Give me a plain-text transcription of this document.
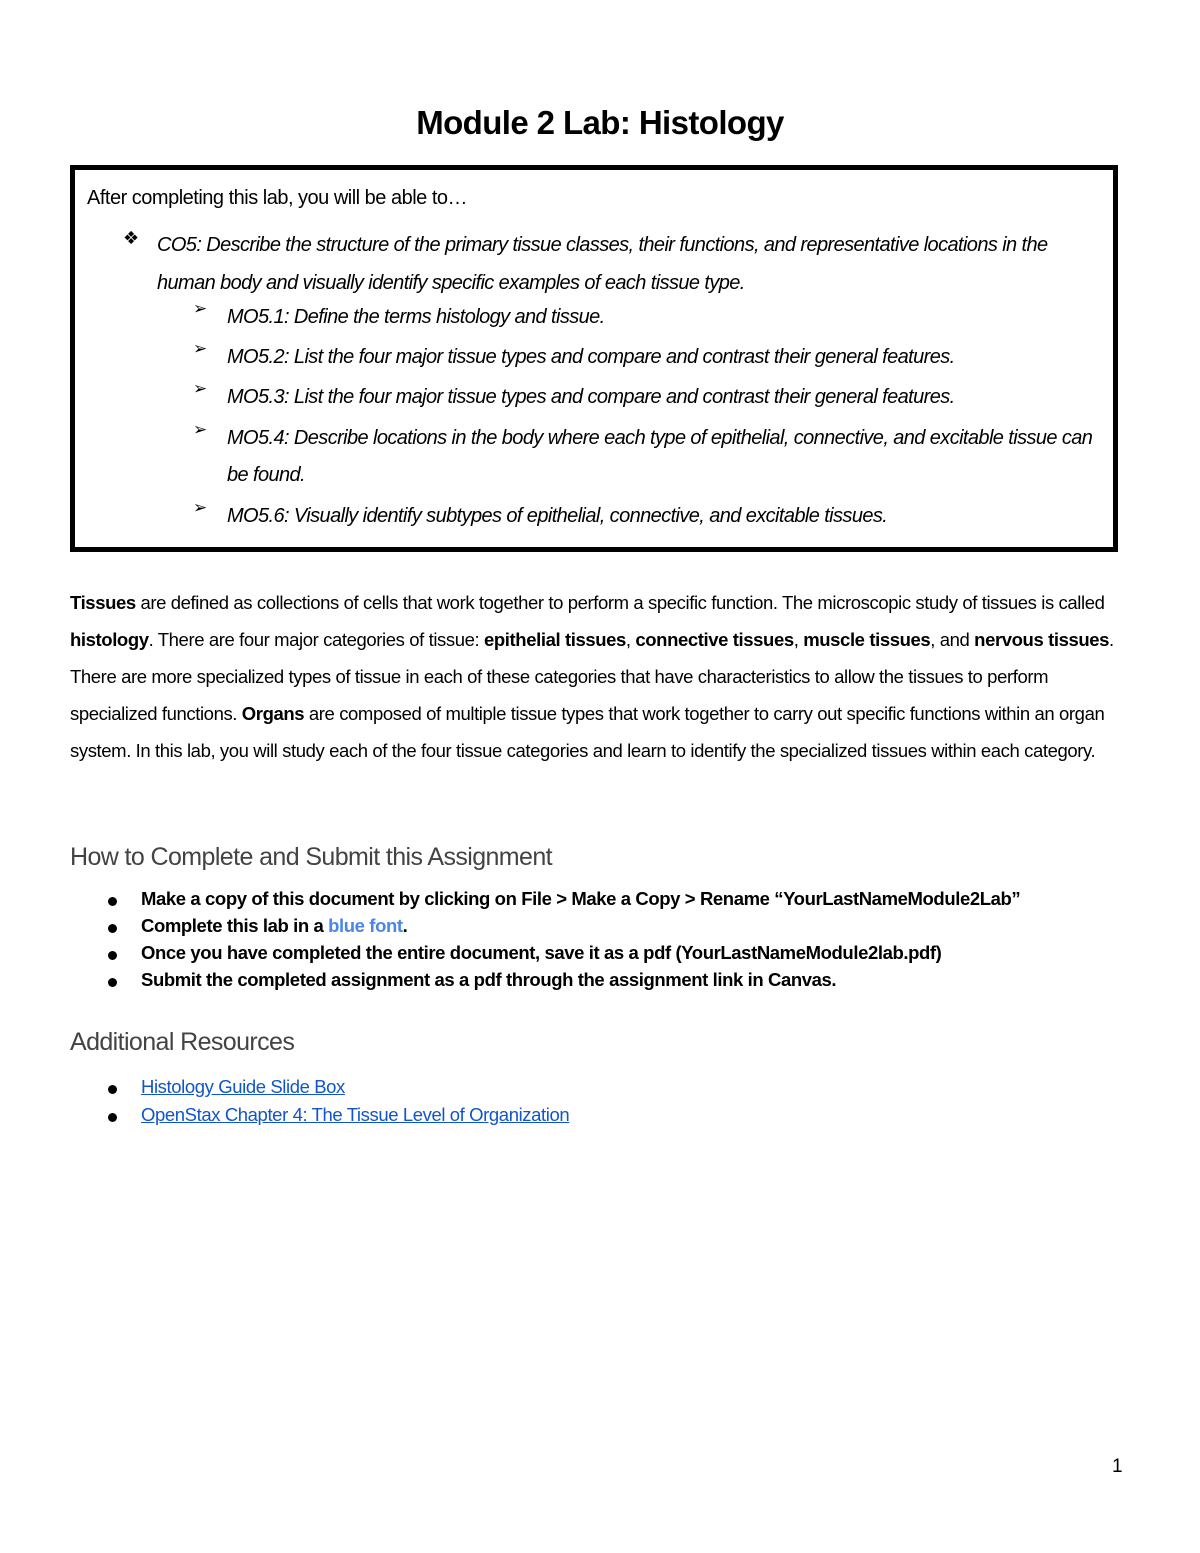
Module 2 Lab: Histology
After completing this lab, you will be able to…
❖ CO5: Describe the structure of the primary tissue classes, their functions, and representative locations in the human body and visually identify specific examples of each tissue type.
➢ MO5.1: Define the terms histology and tissue.
➢ MO5.2: List the four major tissue types and compare and contrast their general features.
➢ MO5.3: List the four major tissue types and compare and contrast their general features.
➢ MO5.4: Describe locations in the body where each type of epithelial, connective, and excitable tissue can be found.
➢ MO5.6: Visually identify subtypes of epithelial, connective, and excitable tissues.
Tissues are defined as collections of cells that work together to perform a specific function. The microscopic study of tissues is called histology. There are four major categories of tissue: epithelial tissues, connective tissues, muscle tissues, and nervous tissues. There are more specialized types of tissue in each of these categories that have characteristics to allow the tissues to perform specialized functions. Organs are composed of multiple tissue types that work together to carry out specific functions within an organ system. In this lab, you will study each of the four tissue categories and learn to identify the specialized tissues within each category.
How to Complete and Submit this Assignment
Make a copy of this document by clicking on File > Make a Copy > Rename “YourLastNameModule2Lab”
Complete this lab in a blue font.
Once you have completed the entire document, save it as a pdf (YourLastNameModule2lab.pdf)
Submit the completed assignment as a pdf through the assignment link in Canvas.
Additional Resources
Histology Guide Slide Box
OpenStax Chapter 4: The Tissue Level of Organization
1
